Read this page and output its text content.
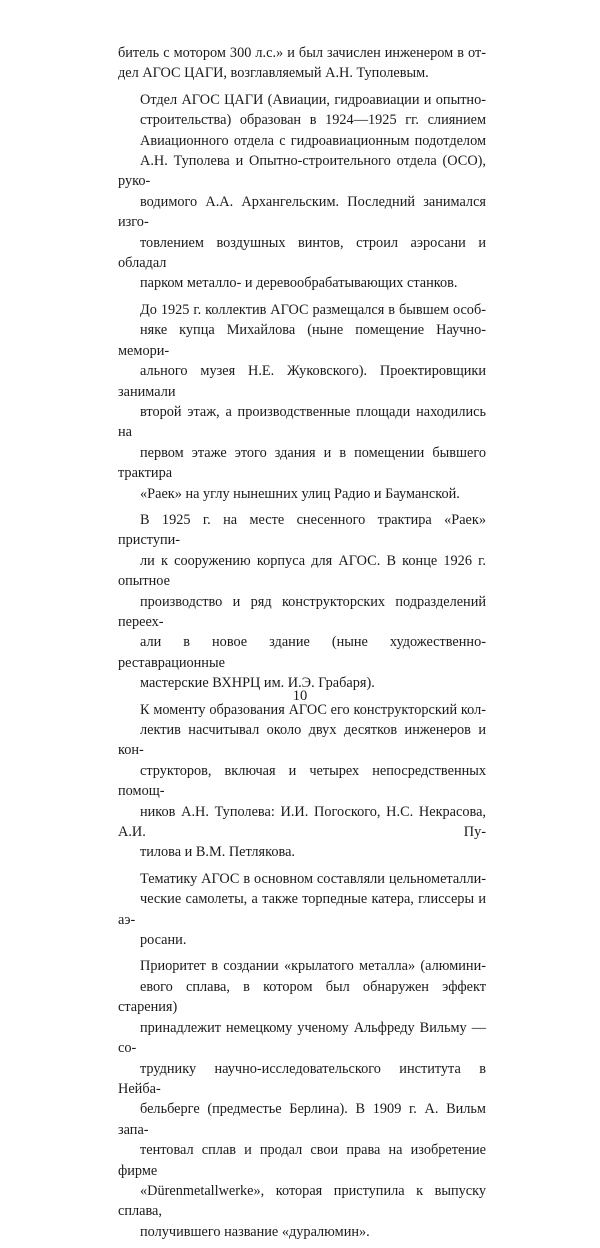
битель с мотором 300 л.с.» и был зачислен инженером в от-
дел АГОС ЦАГИ, возглавляемый А.Н. Туполевым.

Отдел АГОС ЦАГИ (Авиации, гидроавиации и опытно-
строительства) образован в 1924—1925 гг. слиянием
Авиационного отдела с гидроавиационным подотделом
А.Н. Туполева и Опытно-строительного отдела (ОСО), руко-
водимого А.А. Архангельским. Последний занимался изго-
товлением воздушных винтов, строил аэросани и обладал
парком металло- и деревообрабатывающих станков.

До 1925 г. коллектив АГОС размещался в бывшем особ-
няке купца Михайлова (ныне помещение Научно-мемори-
ального музея Н.Е. Жуковского). Проектировщики занимали
второй этаж, а производственные площади находились на
первом этаже этого здания и в помещении бывшего трактира
«Раек» на углу нынешних улиц Радио и Бауманской.

В 1925 г. на месте снесенного трактира «Раек» приступи-
ли к сооружению корпуса для АГОС. В конце 1926 г. опытное
производство и ряд конструкторских подразделений переех-
али в новое здание (ныне художественно-реставрационные
мастерские ВХНРЦ им. И.Э. Грабаря).

К моменту образования АГОС его конструкторский кол-
лектив насчитывал около двух десятков инженеров и кон-
структоров, включая и четырех непосредственных помощ-
ников А.Н. Туполева: И.И. Погоского, Н.С. Некрасова, А.И. Пу-
тилова и В.М. Петлякова.

Тематику АГОС в основном составляли цельнометалли-
ческие самолеты, а также торпедные катера, глиссеры и аэ-
росани.

Приоритет в создании «крылатого металла» (алюмини-
евого сплава, в котором был обнаружен эффект старения)
принадлежит немецкому ученому Альфреду Вильму — со-
труднику научно-исследовательского института в Нейба-
бельберге (предместье Берлина). В 1909 г. А. Вильм запа-
тентовал сплав и продал свои права на изобретение фирме
«Dürenmetallwerke», которая приступила к выпуску сплава,
получившего название «дуралюмин».

10
